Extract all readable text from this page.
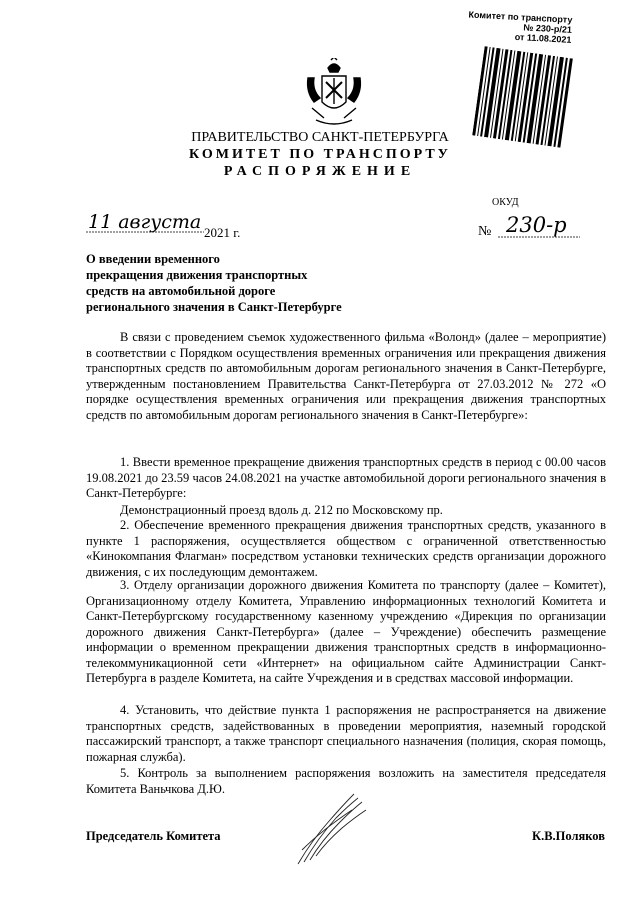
Комитет по транспорту
№ 230-р/21
от 11.08.2021
ПРАВИТЕЛЬСТВО САНКТ-ПЕТЕРБУРГА
КОМИТЕТ ПО ТРАНСПОРТУ
РАСПОРЯЖЕНИЕ
ОКУД
11 августа 2021 г.	№ 230-р
О введении временного
прекращения движения транспортных
средств на автомобильной дороге
регионального значения в Санкт-Петербурге
В связи с проведением съемок художественного фильма «Волонд» (далее – мероприятие) в соответствии с Порядком осуществления временных ограничения или прекращения движения транспортных средств по автомобильным дорогам регионального значения в Санкт-Петербурге, утвержденным постановлением Правительства Санкт-Петербурга от 27.03.2012 № 272 «О порядке осуществления временных ограничения или прекращения движения транспортных средств по автомобильным дорогам регионального значения в Санкт-Петербурге»:
1. Ввести временное прекращение движения транспортных средств в период с 00.00 часов 19.08.2021 до 23.59 часов 24.08.2021 на участке автомобильной дороги регионального значения в Санкт-Петербурге:
Демонстрационный проезд вдоль д. 212 по Московскому пр.
2. Обеспечение временного прекращения движения транспортных средств, указанного в пункте 1 распоряжения, осуществляется обществом с ограниченной ответственностью «Кинокомпания Флагман» посредством установки технических средств организации дорожного движения, с их последующим демонтажем.
3. Отделу организации дорожного движения Комитета по транспорту (далее – Комитет), Организационному отделу Комитета, Управлению информационных технологий Комитета и Санкт-Петербургскому государственному казенному учреждению «Дирекция по организации дорожного движения Санкт-Петербурга» (далее – Учреждение) обеспечить размещение информации о временном прекращении движения транспортных средств в информационно-телекоммуникационной сети «Интернет» на официальном сайте Администрации Санкт-Петербурга в разделе Комитета, на сайте Учреждения и в средствах массовой информации.
4. Установить, что действие пункта 1 распоряжения не распространяется на движение транспортных средств, задействованных в проведении мероприятия, наземный городской пассажирский транспорт, а также транспорт специального назначения (полиция, скорая помощь, пожарная служба).
5. Контроль за выполнением распоряжения возложить на заместителя председателя Комитета Ваньчкова Д.Ю.
Председатель Комитета	К.В.Поляков
